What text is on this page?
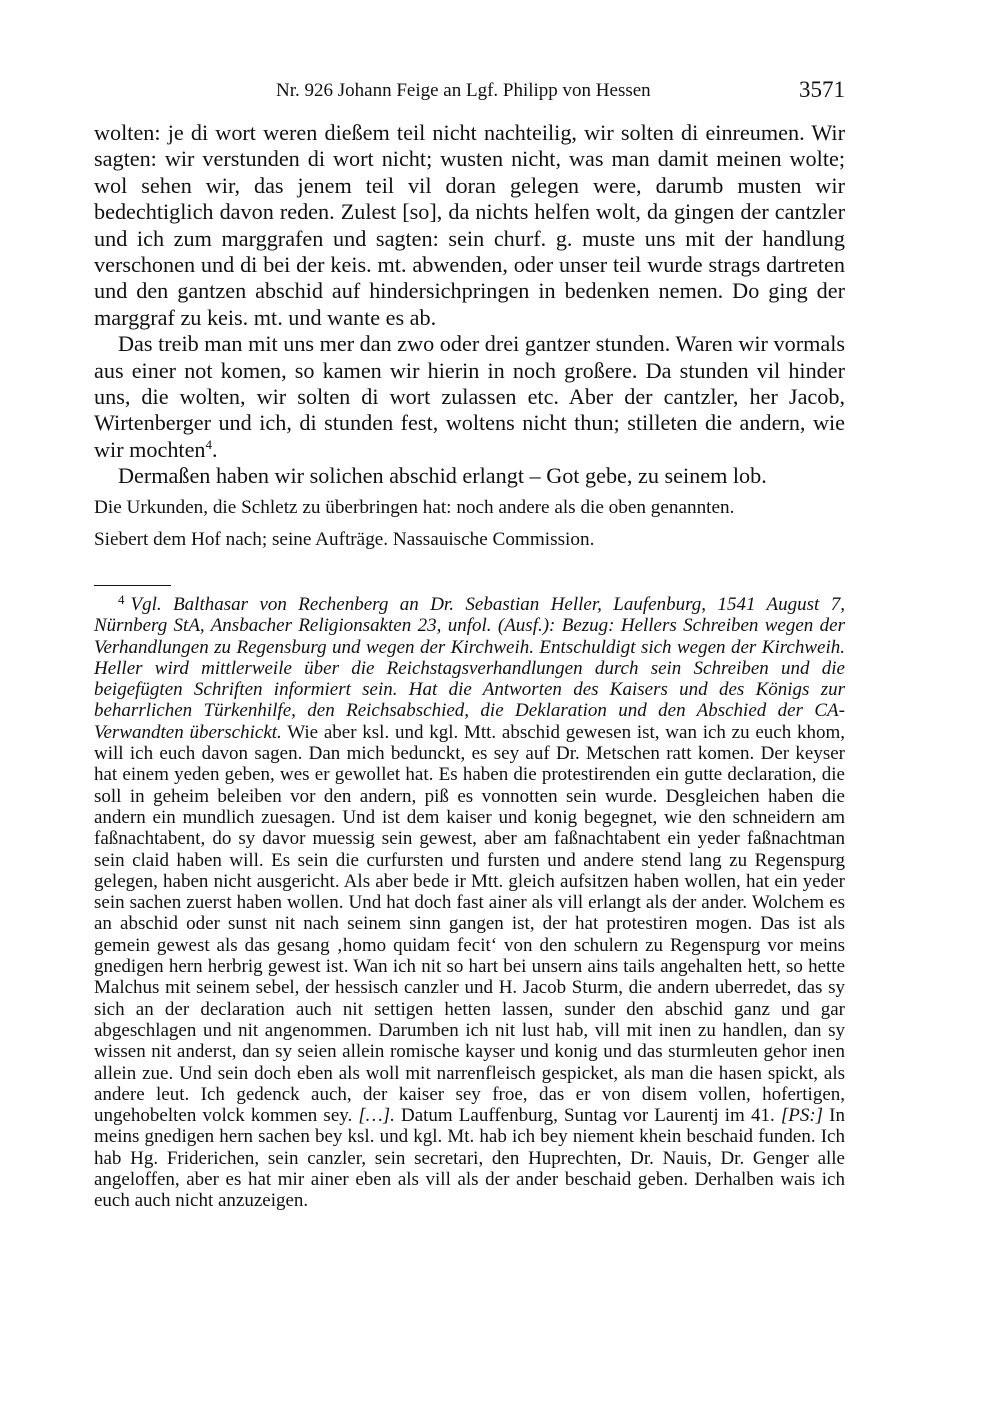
Nr. 926 Johann Feige an Lgf. Philipp von Hessen	3571

wolten: je di wort weren dießem teil nicht nachteilig, wir solten di einreumen. Wir sagten: wir verstunden di wort nicht; wusten nicht, was man damit meinen wolte; wol sehen wir, das jenem teil vil doran gelegen were, darumb musten wir bedechtiglich davon reden. Zulest [so], da nichts helfen wolt, da gingen der cantzler und ich zum marggrafen und sagten: sein churf. g. muste uns mit der handlung verschonen und di bei der keis. mt. abwenden, oder unser teil wurde strags dartreten und den gantzen abschid auf hindersichpringen in bedenken nemen. Do ging der marggraf zu keis. mt. und wante es ab.

Das treib man mit uns mer dan zwo oder drei gantzer stunden. Waren wir vormals aus einer not komen, so kamen wir hierin in noch großere. Da stunden vil hinder uns, die wolten, wir solten di wort zulassen etc. Aber der cantzler, her Jacob, Wirtenberger und ich, di stunden fest, woltens nicht thun; stilleten die andern, wie wir mochten$^4$.

Dermaßen haben wir solichen abschid erlangt – Got gebe, zu seinem lob.

Die Urkunden, die Schletz zu überbringen hat: noch andere als die oben genannten.
Siebert dem Hof nach; seine Aufträge. Nassauische Commission.

$^4$ Vgl. Balthasar von Rechenberg an Dr. Sebastian Heller, Laufenburg, 1541 August 7, Nürnberg StA, Ansbacher Religionsakten 23, unfol. (Ausf.): Bezug: Hellers Schreiben wegen der Verhandlungen zu Regensburg und wegen der Kirchweih. Entschuldigt sich wegen der Kirchweih. Heller wird mittlerweile über die Reichstagsverhandlungen durch sein Schreiben und die beigefügten Schriften informiert sein. Hat die Antworten des Kaisers und des Königs zur beharrlichen Türkenhilfe, den Reichsabschied, die Deklaration und den Abschied der CA-Verwandten überschickt. Wie aber ksl. und kgl. Mtt. abschid gewesen ist, wan ich zu euch khom, will ich euch davon sagen. Dan mich bedunckt, es sey auf Dr. Metschen ratt komen. Der keyser hat einem yeden geben, wes er gewollet hat. Es haben die protestirenden ein gutte declaration, die soll in geheim beleiben vor den andern, piß es vonnotten sein wurde. Desgleichen haben die andern ein mundlich zuesagen. Und ist dem kaiser und konig begegnet, wie den schneidern am faßnachtabent, do sy davor muessig sein gewest, aber am faßnachtabent ein yeder faßnachtman sein claid haben will. Es sein die curfursten und fursten und andere stend lang zu Regenspurg gelegen, haben nicht ausgericht. Als aber bede ir Mtt. gleich aufsitzen haben wollen, hat ein yeder sein sachen zuerst haben wollen. Und hat doch fast ainer als vill erlangt als der ander. Wolchem es an abschid oder sunst nit nach seinem sinn gangen ist, der hat protestiren mogen. Das ist als gemein gewest als das gesang ‚homo quidam fecit‘ von den schulern zu Regenspurg vor meins gnedigen hern herbrig gewest ist. Wan ich nit so hart bei unsern ains tails angehalten hett, so hette Malchus mit seinem sebel, der hessisch canzler und H. Jacob Sturm, die andern uberredet, das sy sich an der declaration auch nit settigen hetten lassen, sunder den abschid ganz und gar abgeschlagen und nit angenommen. Darumben ich nit lust hab, vill mit inen zu handlen, dan sy wissen nit anderst, dan sy seien allein romische kayser und konig und das sturmleuten gehor inen allein zue. Und sein doch eben als woll mit narrenfleisch gespicket, als man die hasen spickt, als andere leut. Ich gedenck auch, der kaiser sey froe, das er von disem vollen, hofertigen, ungehobelten volck kommen sey. […]. Datum Lauffenburg, Suntag vor Laurentj im 41. [PS:] In meins gnedigen hern sachen bey ksl. und kgl. Mt. hab ich bey niement khein beschaid funden. Ich hab Hg. Friderichen, sein canzler, sein secretari, den Huprechten, Dr. Nauis, Dr. Genger alle angeloffen, aber es hat mir ainer eben als vill als der ander beschaid geben. Derhalben wais ich euch auch nicht anzuzeigen.
